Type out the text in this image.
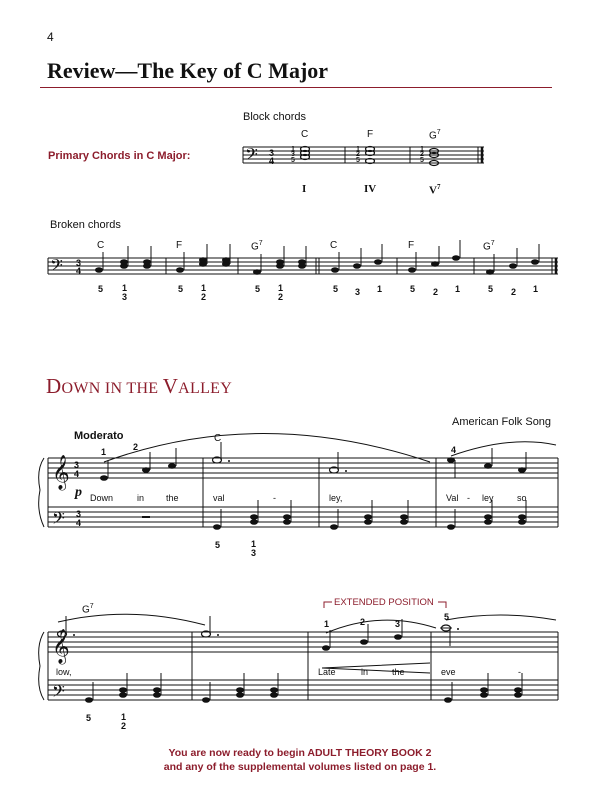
4
Review—The Key of C Major
Block chords
Primary Chords in C Major:
C	F	$G^7$
I	IV	$V^7$
𝄢 3
4
𝄢 3
4
𝄞 3
4
𝄢 3
4
𝄞
𝄢
1
3
5
1
2
5
1
2
5
Broken chords
C	F	$G^7$	C	F	$G^7$
5 1
3
5 1
2
5 1
2
5 3 1	5 2 1	5 2 1
DOWN IN THE VALLEY
American Folk Song
Moderato	C
1	2	4
p Down	in the	val	-	ley,	Val - ley	so
5	1
3
$G^7$	EXTENDED POSITION
1	2	3
5
low,	Late	in	the	eve	-
5	1
2
You are now ready to begin ADULT THEORY BOOK 2
and any of the supplemental volumes listed on page 1.
